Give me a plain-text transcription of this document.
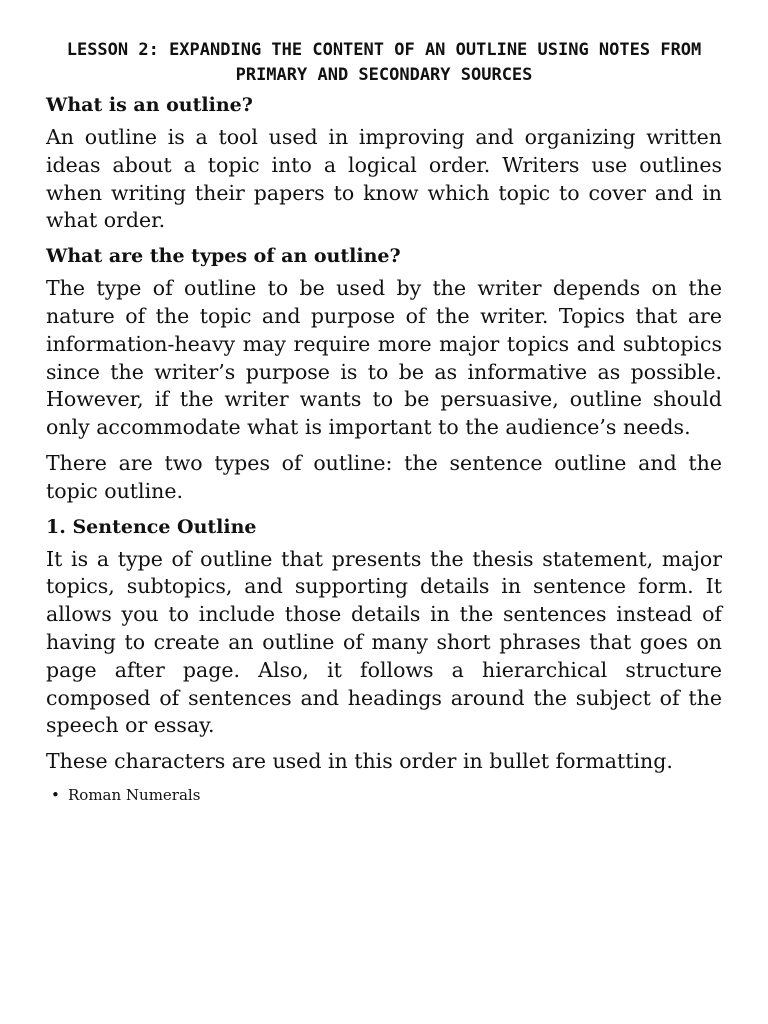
LESSON 2: EXPANDING THE CONTENT OF AN OUTLINE USING NOTES FROM PRIMARY AND SECONDARY SOURCES
What is an outline?

An outline is a tool used in improving and organizing written ideas about a topic into a logical order. Writers use outlines when writing their papers to know which topic to cover and in what order.

What are the types of an outline?

The type of outline to be used by the writer depends on the nature of the topic and purpose of the writer. Topics that are information-heavy may require more major topics and subtopics since the writer’s purpose is to be as informative as possible. However, if the writer wants to be persuasive, outline should only accommodate what is important to the audience’s needs.

There are two types of outline: the sentence outline and the topic outline.

1. Sentence Outline

It is a type of outline that presents the thesis statement, major topics, subtopics, and supporting details in sentence form. It allows you to include those details in the sentences instead of having to create an outline of many short phrases that goes on page after page. Also, it follows a hierarchical structure composed of sentences and headings around the subject of the speech or essay.

These characters are used in this order in bullet formatting.

• Roman Numerals
